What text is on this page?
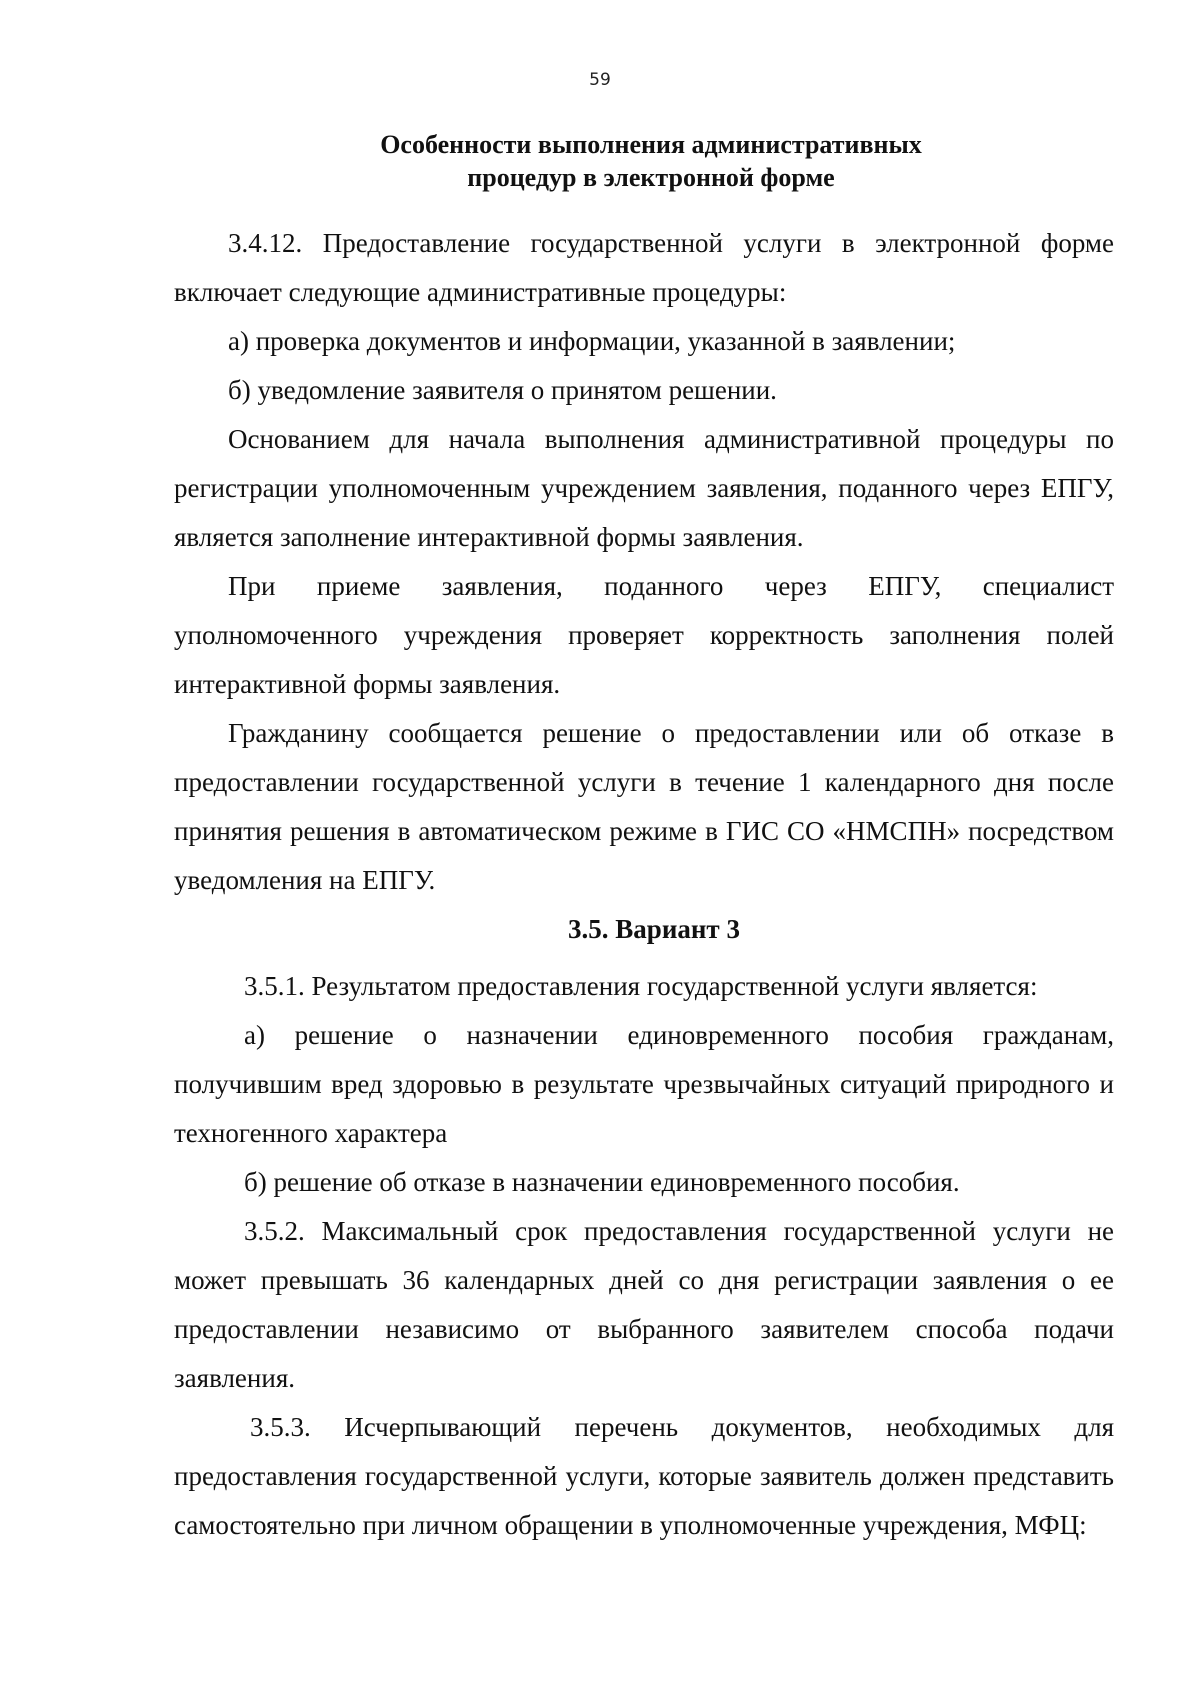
59
Особенности выполнения административных
процедур в электронной форме

3.4.12. Предоставление государственной услуги в электронной форме включает следующие административные процедуры:

а) проверка документов и информации, указанной в заявлении;

б) уведомление заявителя о принятом решении.

Основанием для начала выполнения административной процедуры по регистрации уполномоченным учреждением заявления, поданного через ЕПГУ, является заполнение интерактивной формы заявления.

При приеме заявления, поданного через ЕПГУ, специалист уполномоченного учреждения проверяет корректность заполнения полей интерактивной формы заявления.

Гражданину сообщается решение о предоставлении или об отказе в предоставлении государственной услуги в течение 1 календарного дня после принятия решения в автоматическом режиме в ГИС СО «НМСПН» посредством уведомления на ЕПГУ.

3.5. Вариант 3

3.5.1. Результатом предоставления государственной услуги является:

а) решение о назначении единовременного пособия гражданам, получившим вред здоровью в результате чрезвычайных ситуаций природного и техногенного характера

б) решение об отказе в назначении единовременного пособия.

3.5.2. Максимальный срок предоставления государственной услуги не может превышать 36 календарных дней со дня регистрации заявления о ее предоставлении независимо от выбранного заявителем способа подачи заявления.

3.5.3. Исчерпывающий перечень документов, необходимых для предоставления государственной услуги, которые заявитель должен представить самостоятельно при личном обращении в уполномоченные учреждения, МФЦ:
